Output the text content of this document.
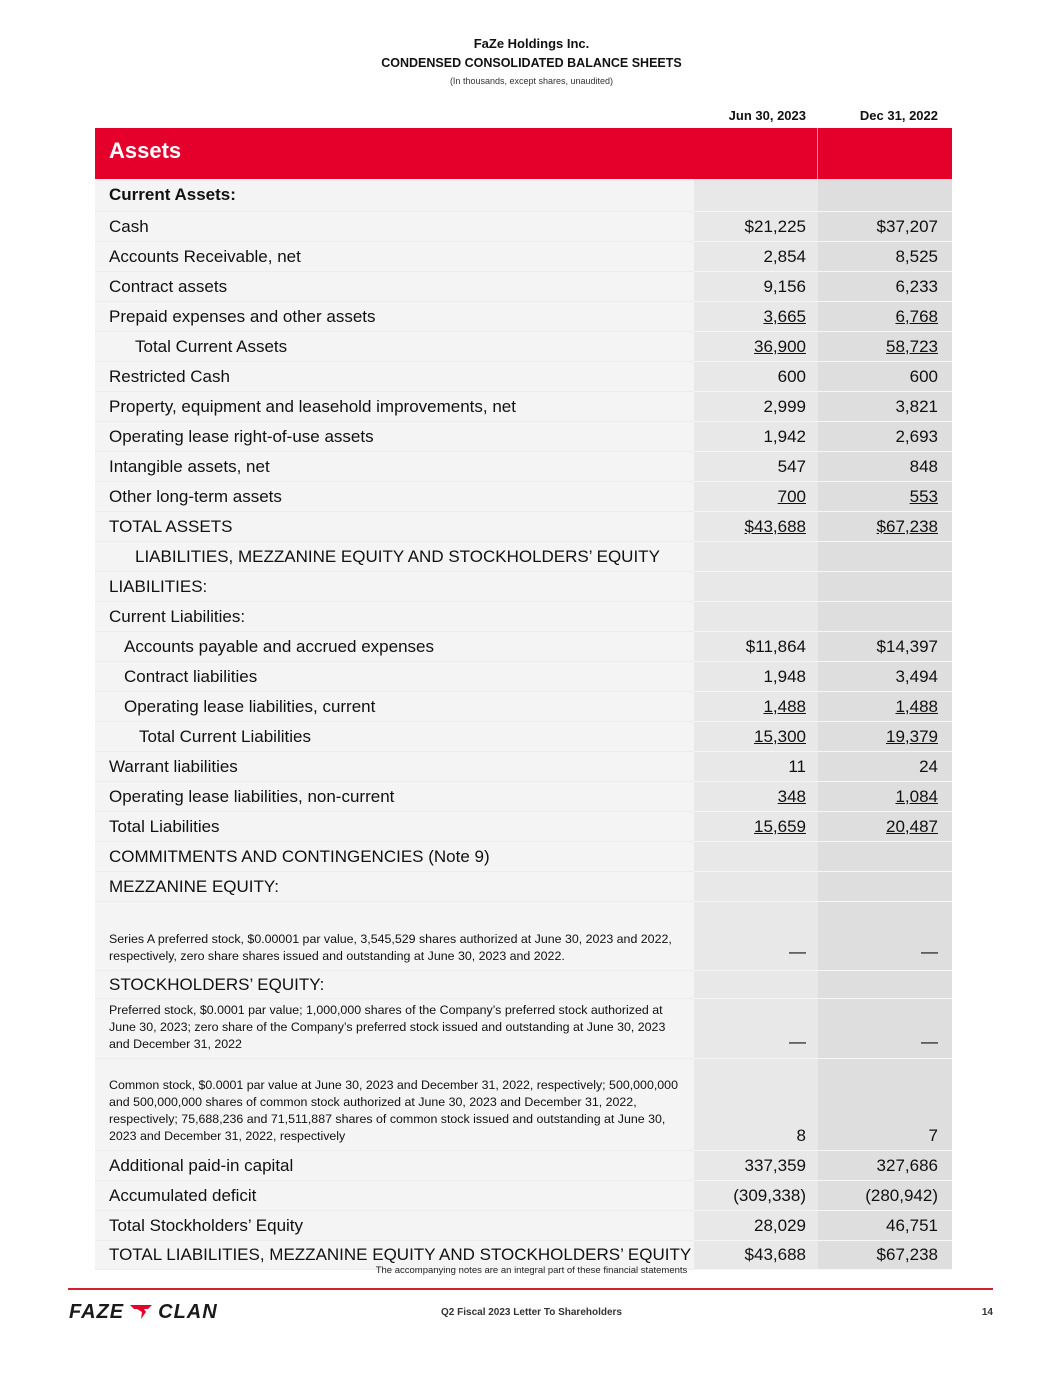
FaZe Holdings Inc.
CONDENSED CONSOLIDATED BALANCE SHEETS
(In thousands, except shares, unaudited)
Jun 30, 2023	Dec 31, 2022
Assets
Current Assets:
Cash	$21,225	$37,207
Accounts Receivable, net	2,854	8,525
Contract assets	9,156	6,233
Prepaid expenses and other assets	3,665	6,768
Total Current Assets	36,900	58,723
Restricted Cash	600	600
Property, equipment and leasehold improvements, net	2,999	3,821
Operating lease right-of-use assets	1,942	2,693
Intangible assets, net	547	848
Other long-term assets	700	553
TOTAL ASSETS	$43,688	$67,238
LIABILITIES, MEZZANINE EQUITY AND STOCKHOLDERS’ EQUITY
LIABILITIES:
Current Liabilities:
Accounts payable and accrued expenses	$11,864	$14,397
Contract liabilities	1,948	3,494
Operating lease liabilities, current	1,488	1,488
Total Current Liabilities	15,300	19,379
Warrant liabilities	11	24
Operating lease liabilities, non-current	348	1,084
Total Liabilities	15,659	20,487
COMMITMENTS AND CONTINGENCIES (Note 9)
MEZZANINE EQUITY:
Series A preferred stock, $0.00001 par value, 3,545,529 shares authorized at June 30, 2023 and 2022, respectively, zero share shares issued and outstanding at June 30, 2023 and 2022.	—	—
STOCKHOLDERS’ EQUITY:
Preferred stock, $0.0001 par value; 1,000,000 shares of the Company’s preferred stock authorized at June 30, 2023; zero share of the Company’s preferred stock issued and outstanding at June 30, 2023 and December 31, 2022	—	—
Common stock, $0.0001 par value at June 30, 2023 and December 31, 2022, respectively; 500,000,000 and 500,000,000 shares of common stock authorized at June 30, 2023 and December 31, 2022, respectively; 75,688,236 and 71,511,887 shares of common stock issued and outstanding at June 30, 2023 and December 31, 2022, respectively	8	7
Additional paid-in capital	337,359	327,686
Accumulated deficit	(309,338)	(280,942)
Total Stockholders’ Equity	28,029	46,751
TOTAL LIABILITIES, MEZZANINE EQUITY AND STOCKHOLDERS’ EQUITY	$43,688	$67,238
The accompanying notes are an integral part of these financial statements
FAZE CLAN	Q2 Fiscal 2023 Letter To Shareholders	14
